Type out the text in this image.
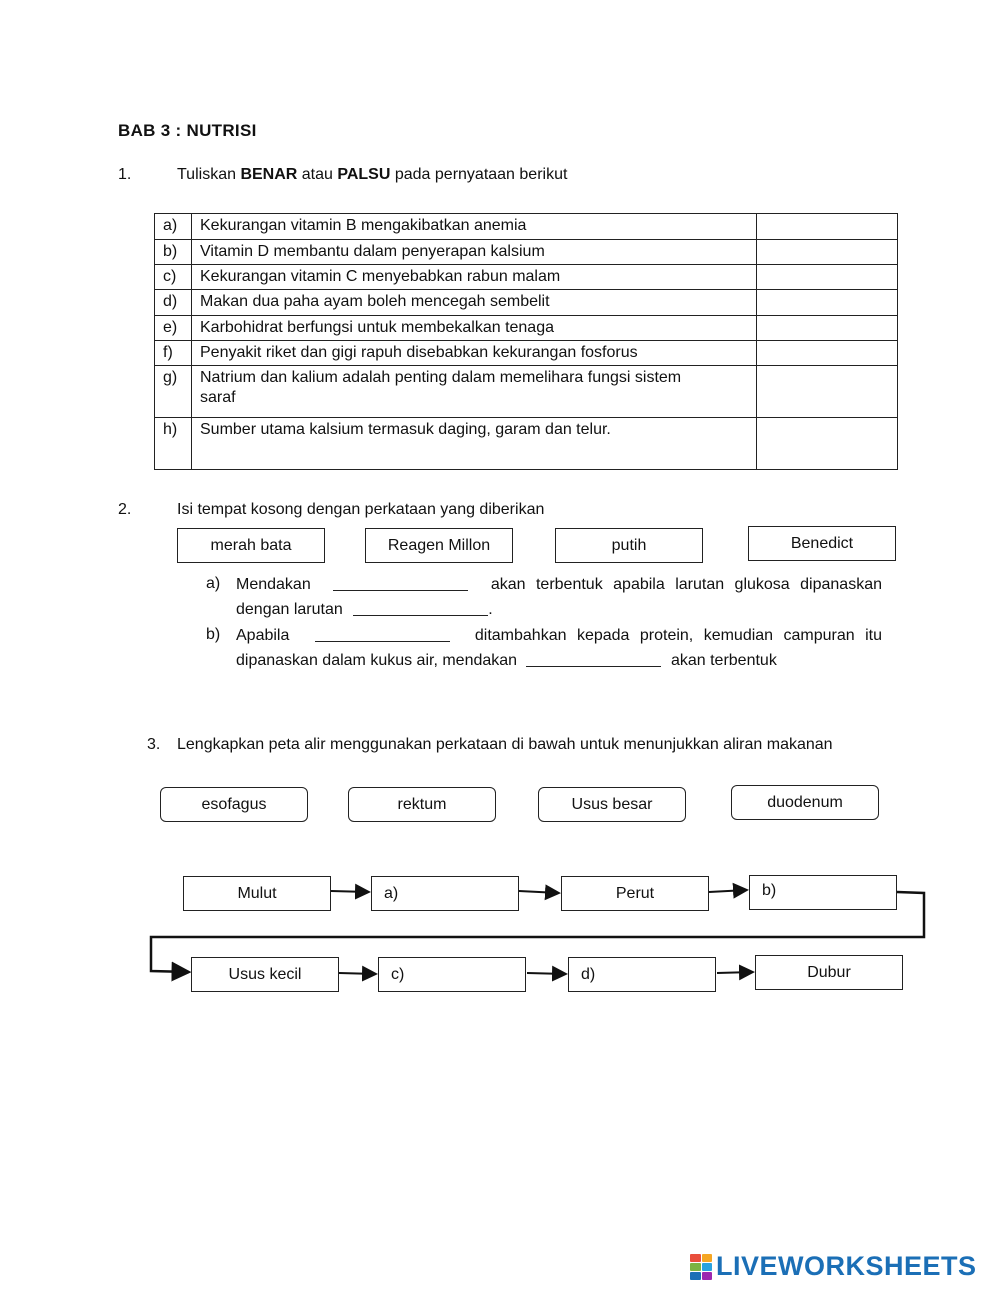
BAB 3 : NUTRISI
1.	Tuliskan BENAR atau PALSU pada pernyataan berikut
a)	Kekurangan vitamin B mengakibatkan anemia	
b)	Vitamin D membantu dalam penyerapan kalsium	
c)	Kekurangan vitamin C menyebabkan rabun malam	
d)	Makan dua paha ayam boleh mencegah sembelit	
e)	Karbohidrat berfungsi untuk membekalkan tenaga	
f)	Penyakit riket dan gigi rapuh disebabkan kekurangan fosforus	
g)	Natrium dan kalium adalah penting dalam memelihara fungsi sistem saraf	
h)	Sumber utama kalsium termasuk daging, garam dan telur.	
2.	Isi tempat kosong dengan perkataan yang diberikan
merah bata	Reagen Millon	putih	Benedict
a) Mendakan	akan terbentuk apabila larutan glukosa dipanaskan
dengan larutan	.
b) Apabila	ditambahkan kepada protein, kemudian campuran itu
dipanaskan dalam kukus air, mendakan	akan terbentuk
3. Lengkapkan peta alir menggunakan perkataan di bawah untuk menunjukkan aliran makanan
esofagus	rektum	Usus besar	duodenum
Mulut	a)	Perut	b)
Usus kecil	c)	d)	Dubur
LIVEWORKSHEETS
